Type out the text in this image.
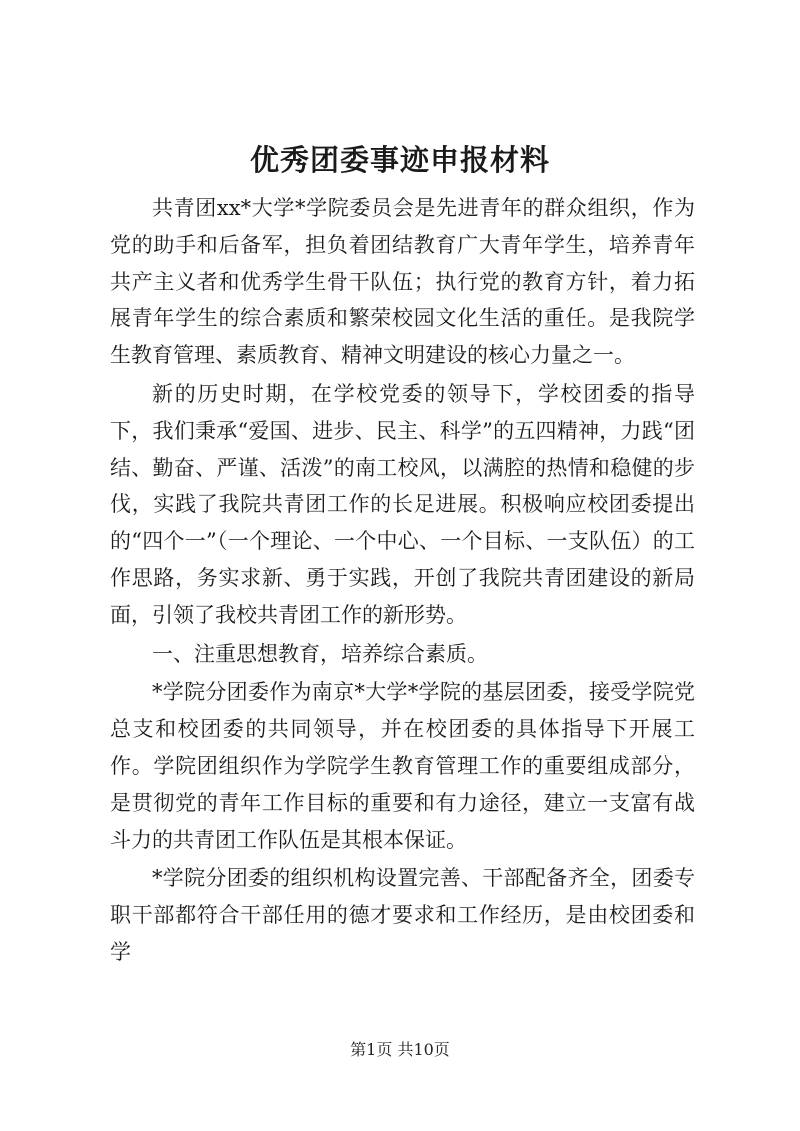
优秀团委事迹申报材料

共青团xx*大学*学院委员会是先进青年的群众组织，作为党的助手和后备军，担负着团结教育广大青年学生，培养青年共产主义者和优秀学生骨干队伍；执行党的教育方针，着力拓展青年学生的综合素质和繁荣校园文化生活的重任。是我院学生教育管理、素质教育、精神文明建设的核心力量之一。

新的历史时期，在学校党委的领导下，学校团委的指导下，我们秉承“爱国、进步、民主、科学”的五四精神，力践“团结、勤奋、严谨、活泼”的南工校风，以满腔的热情和稳健的步伐，实践了我院共青团工作的长足进展。积极响应校团委提出的“四个一”（一个理论、一个中心、一个目标、一支队伍）的工作思路，务实求新、勇于实践，开创了我院共青团建设的新局面，引领了我校共青团工作的新形势。

一、注重思想教育，培养综合素质。

*学院分团委作为南京*大学*学院的基层团委，接受学院党总支和校团委的共同领导，并在校团委的具体指导下开展工作。学院团组织作为学院学生教育管理工作的重要组成部分，是贯彻党的青年工作目标的重要和有力途径，建立一支富有战斗力的共青团工作队伍是其根本保证。

*学院分团委的组织机构设置完善、干部配备齐全，团委专职干部都符合干部任用的德才要求和工作经历，是由校团委和学

第1页 共10页
